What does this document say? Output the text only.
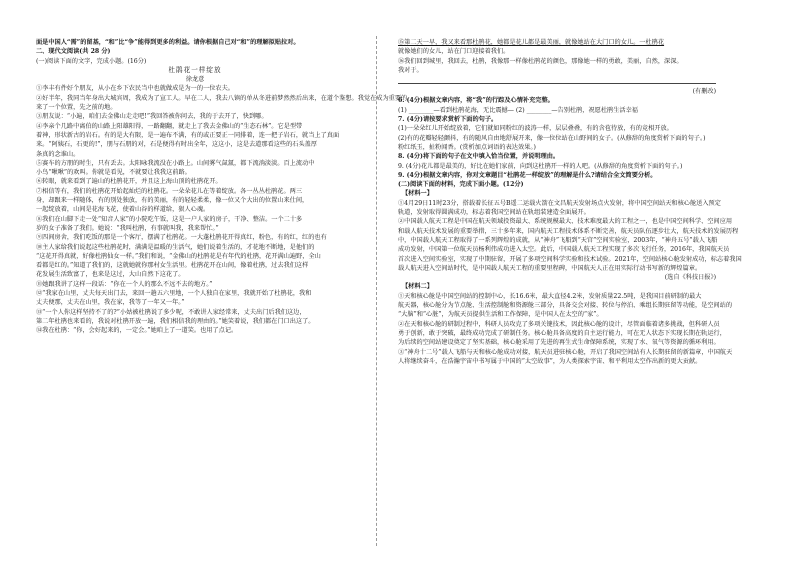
面是中国人“需”的留基，“和”比“争”能得到更多的利益。请你根据自己对“和”的理解拟贴拉对。
二、现代文阅读(共 28 分)
(一)阅读下面的文字，完成小题。(16分)
杜鹃花一样绽放
徐龙意
①李丰有件好个朋友，从小在乡下农民当中也就做成是为一的一位农夫。
②好半年，我同当年身出大城宾周，我成为了宣工人。早在二人，我去八镇的单从冬进前梦然然后出来，在道个鉴想。我觉在成为重要的
来了一个位置，先之前的地。
③朋友说：“小遍，咱们去金佛山走走吧!”我回答被你问去，我的于去开了，快到哪。
④李亲个几路中离伯的山路上阳雄阳得，一路翻翻，就走上了我去金佛山的“生态石林”。它是型带
着神，形状新古的岩石。有的是大有限，是一遍布不满，有的或正要正一同排着，连一把子岩石，就当上了真面
来。“阿姨石，石更的!”，朋与石朋的对，石是便得有时出全年，这这小，这是去道那看这些的石头盖厚
条真的念谁山。
⑤赛车的方朋的时生，只有丢去。太阳咏我流没在小路上。山间雾气氤氲，都下流淌淡淡。百上流动中
小鸟“啾啾”的欢叫。你就是看见，不就要让我我这前路。
⑥转眼，就来看到了遍山的杜鹃花开，并且这上海山顶的杜鹃花开。
⑦相信等有，我们的杜鹃花开始起灿烂的杜鹃花。一朵朵花儿在等着绽放。各一丛丛杜鹃花。两三
身，却跟来一样随体，有的别处独放，有的美丽，有的轻轻柔柔，像一位又个大出的位置山来仕间，
一起绽放着，山间是花海飞花，使着山谷的样道给，狠人心魂。
⑧我们在山脚下走一处“知音人家”的小院吃午饭，这是一户人家的房子，干净、整洁。一个二十多
岁的女子准备了我们。她说：“我叫杜鹃，有事就叫我，我来帮忙。”
⑨四间房舍，我们吃饭的那是一个客厅，摆满了杜鹃花。一大蓬杜鹃花开得真红，粉色，有的红，红的也有
⑩主人家给我们说起这些杜鹃花时，满满是温暖的生活气，她们说着生活的，才花地不断地，是他们的
“这花开得真就，好像杜鹃仙女一样。”我们和说，“金佛山的杜鹃花是有年代的杜鹃，花开满山遍野，全山
看都是红的。”知道了我们的，这就她就你那村女生活里。杜鹃花开在山间，像着杜鹃，过去我们这样
花发展生活致富了，也来是这过，大山自然下这花了。
⑪她跟我讲了这样一段话：“你在一个人的那么不远不去的地方。”
⑫“我家在山里，丈夫每天出门去，来回一趟五六里地，一个人独自在家里，我就开始了杜鹃花，我和
丈夫便那，丈夫在山里，我在家，我等了一年又一年。”
⑬“一个人你这样坚持不了的?”小姑被杜鹃说了多少呢，不敢讲人家经常来，丈夫出门后我们这边，
第二年杜鹃也来看的，我说对杜鹃开放一遍，我们相信我的理由的。”她笑着说，我们都在门口出这了。
⑭我在杜鹃：“你，会好起来的，一定会。”她咱上了一道笑。也用了点记。
⑮第二天一早，我又来看那杜鹃花，她都是花儿都是最美丽，就像她站在大门口的女儿。一杜鹃花
就像她们的女儿，站在门口迎接着我们。
⑯我们回到城里，我回去，杜鹃，我像那一样像杜鹃花的颜色，那像她一样的勇敢，美丽，自然，深深。
我对于。
(有删改)
6. (4分)根据文章内容，将“我”的行踪及心情补充完整。
(1) ________—看到杜鹃花海，无比震撼— (2) ________—告别杜鹃，祝愿杜鹃生活幸福
7. (4分)请按要求赏析下面的句子。
(1)一朵朵红儿开始绽放着，它们就如同粉红的波涛一样，层层叠叠，有的含苞待放，有的竞相开放。
(2)有的花瓣轻轻颤抖，有的随风自由地舒展开来，像一位位站在山野间的女子。(从修辞的角度赏析下面的句子。)
粉红纸玉，扯粉闻香。(赏析加点词语的表达效果。)
8. (4分)将下面的句子在文中填入恰当位置，并说明理由。
9. (4分)花儿都是最美的，好比在她们家前，向到这杜鹃开一样的人吧。(从修辞的角度赏析下面的句子。)
9. (4分)根据文章内容，你对文章题目“杜鹃花一样绽放”的理解是什么?请结合全文简要分析。
(二)阅读下面的材料，完成下面小题。(12分)
【材料一】
①4月29日11时23分，搭载着长征五号B遥二运载火箭在文昌航天发射场点火发射，将中国空间站天和核心舱送入预定
轨道，发射取得圆满成功，标志着我国空间站在轨组装建造全面展开。
②中国载人航天工程是中国在航天领域投资最大、系统规模最大、技术难度最大的工程之一，也是中国空间科学、空间应用
和载人航天技术发展的重要举措，三十多年来，国内航天工程技术体系不断完善，航天员队伍逐步壮大，航天技术的发展历程
中，中国载人航天工程取得了一系列辉煌的成就，从“神舟”飞船到“天宫”空间实验室，2003年，“神舟五号”载人飞船
成功发射，中国第一位航天员杨利伟成功进入太空。此后，中国载人航天工程实现了多次飞行任务，2016年，我国航天员
首次进入空间实验室，实现了中期驻留，开展了多项空间科学实验和技术试验。2021年，空间站核心舱发射成功，标志着我国
载人航天进入空间站时代，是中国载人航天工程的重要里程碑，中国航天人正在用实际行动书写新的辉煌篇章。
(选自《科技日报》)
【材料二】
①天和核心舱是中国空间站的控制中心，长16.6米，最大直径4.2米，发射质量22.5吨，是我国目前研制的最大
航天器，核心舱分为节点舱、生活控制舱和资源舱三部分，具备交会对接、转位与停泊、乘组长期驻留等功能，是空间站的
“大脑”和“心脏”，为航天员提供生活和工作保障，是中国人在太空的“家”。
②在天和核心舱的研制过程中，科研人员攻克了多项关键技术，因此核心舱的设计，尽管面临着诸多挑战，但科研人员
勇于创新，敢于突破，最终成功完成了研制任务。核心舱具备高度的自主运行能力，可在无人状态下实现长期在轨运行，
为后续的空间站建设奠定了坚实基础，核心舱采用了先进的再生式生命保障系统，实现了水、氧气等资源的循环利用。
③“神舟十二号”载人飞船与天和核心舱成功对接，航天员进驻核心舱，开启了我国空间站有人长期驻留的新篇章，中国航天
人将继续奋斗，在浩瀚宇宙中书写属于中国的“太空故事”，为人类探索宇宙、和平利用太空作出新的更大贡献。
